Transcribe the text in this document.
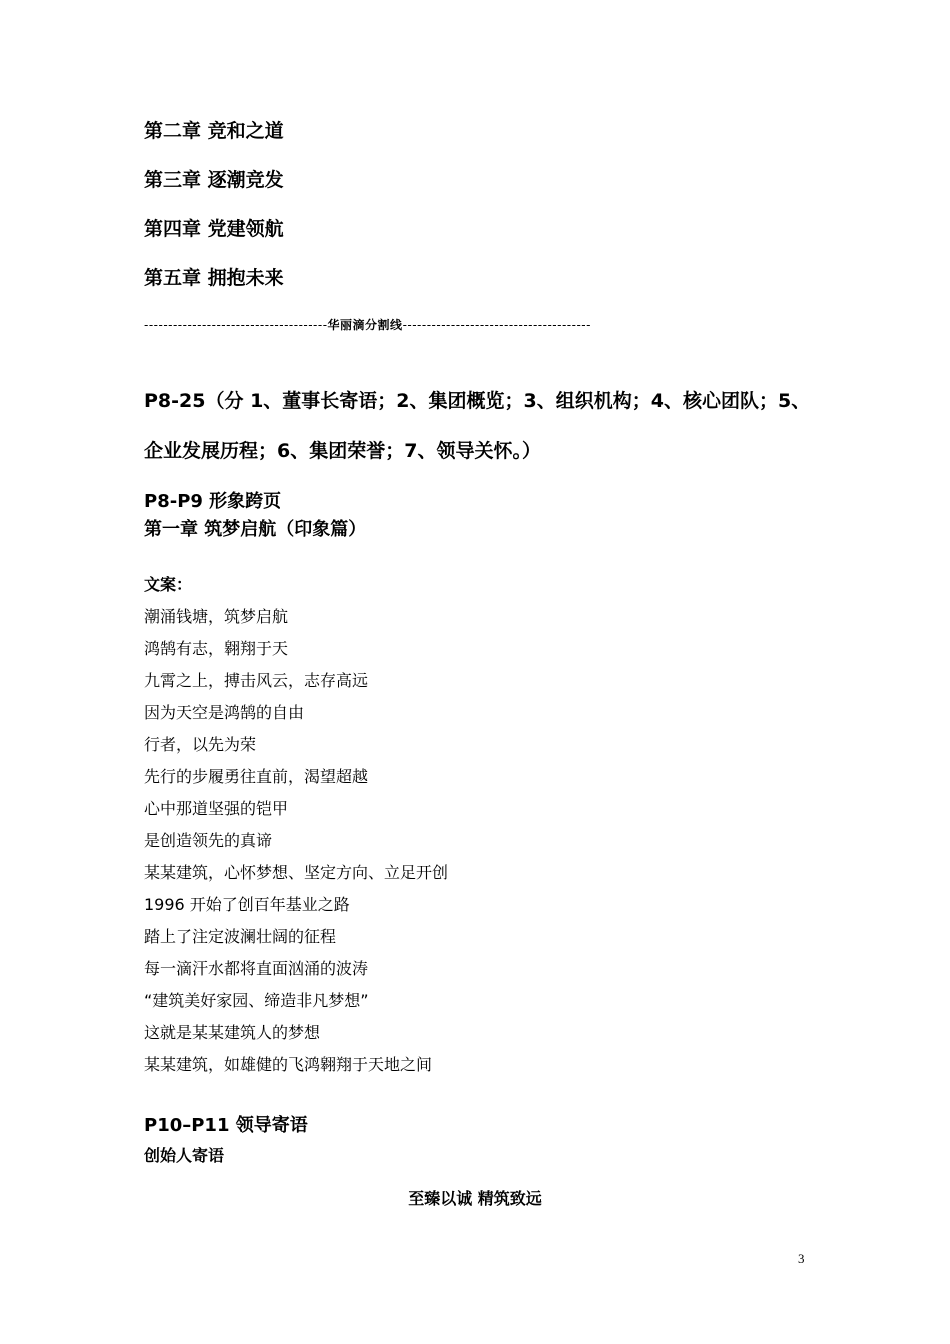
第二章 竞和之道
第三章 逐潮竞发
第四章 党建领航
第五章 拥抱未来
--------------------------------------华丽滴分割线---------------------------------------
P8-25（分 1、董事长寄语；2、集团概览；3、组织机构；4、核心团队；5、
企业发展历程；6、集团荣誉；7、领导关怀。）
P8-P9 形象跨页
第一章 筑梦启航（印象篇）
文案：
潮涌钱塘，筑梦启航
鸿鹄有志，翱翔于天
九霄之上，搏击风云，志存高远
因为天空是鸿鹄的自由
行者，以先为荣
先行的步履勇往直前，渴望超越
心中那道坚强的铠甲
是创造领先的真谛
某某建筑，心怀梦想、坚定方向、立足开创
1996 开始了创百年基业之路
踏上了注定波澜壮阔的征程
每一滴汗水都将直面汹涌的波涛
“建筑美好家园、缔造非凡梦想”
这就是某某建筑人的梦想
某某建筑，如雄健的飞鸿翱翔于天地之间
P10–P11 领导寄语
创始人寄语
至臻以诚 精筑致远
3
